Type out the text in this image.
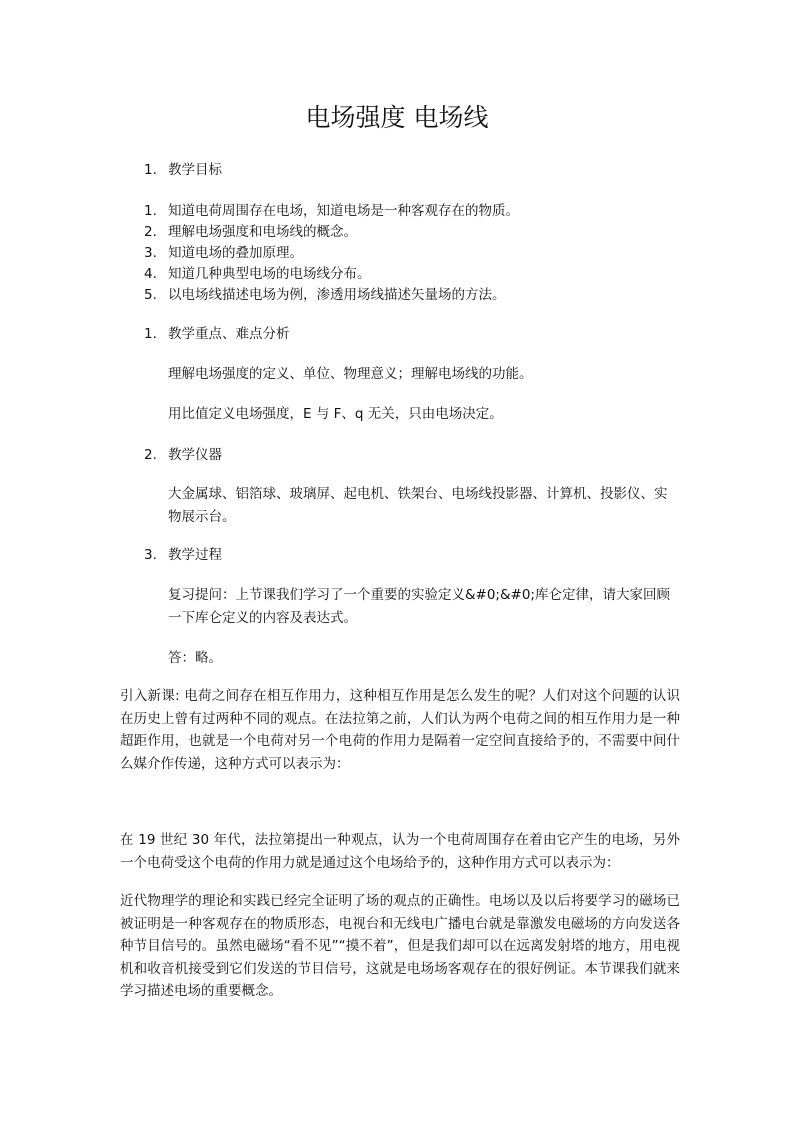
电场强度 电场线
1. 教学目标
1. 知道电荷周围存在电场，知道电场是一种客观存在的物质。
2. 理解电场强度和电场线的概念。
3. 知道电场的叠加原理。
4. 知道几种典型电场的电场线分布。
5. 以电场线描述电场为例，渗透用场线描述矢量场的方法。
1. 教学重点、难点分析
理解电场强度的定义、单位、物理意义；理解电场线的功能。
用比值定义电场强度，E 与 F、q 无关，只由电场决定。
2. 教学仪器
大金属球、铝箔球、玻璃屏、起电机、铁架台、电场线投影器、计算机、投影仪、实物展示台。
3. 教学过程
复习提问：上节课我们学习了一个重要的实验定义&#0;&#0;库仑定律，请大家回顾一下库仑定义的内容及表达式。
答：略。
引入新课: 电荷之间存在相互作用力，这种相互作用是怎么发生的呢？人们对这个问题的认识在历史上曾有过两种不同的观点。在法拉第之前，人们认为两个电荷之间的相互作用力是一种超距作用，也就是一个电荷对另一个电荷的作用力是隔着一定空间直接给予的，不需要中间什么媒介作传递，这种方式可以表示为：
在 19 世纪 30 年代，法拉第提出一种观点，认为一个电荷周围存在着由它产生的电场，另外一个电荷受这个电荷的作用力就是通过这个电场给予的，这种作用方式可以表示为：
近代物理学的理论和实践已经完全证明了场的观点的正确性。电场以及以后将要学习的磁场已被证明是一种客观存在的物质形态，电视台和无线电广播电台就是靠激发电磁场的方向发送各种节目信号的。虽然电磁场“看不见”“摸不着”，但是我们却可以在远离发射塔的地方，用电视机和收音机接受到它们发送的节目信号，这就是电场场客观存在的很好例证。本节课我们就来学习描述电场的重要概念。
